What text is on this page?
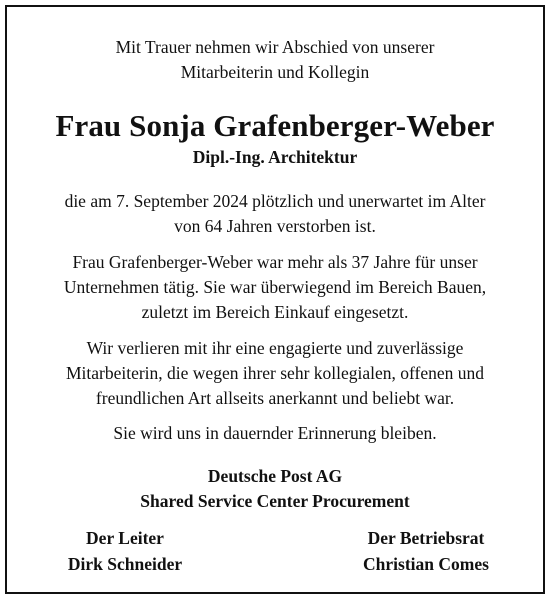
Mit Trauer nehmen wir Abschied von unserer
Mitarbeiterin und Kollegin
Frau Sonja Grafenberger-Weber
Dipl.-Ing. Architektur
die am 7. September 2024 plötzlich und unerwartet im Alter
von 64 Jahren verstorben ist.
Frau Grafenberger-Weber war mehr als 37 Jahre für unser
Unternehmen tätig. Sie war überwiegend im Bereich Bauen,
zuletzt im Bereich Einkauf eingesetzt.
Wir verlieren mit ihr eine engagierte und zuverlässige
Mitarbeiterin, die wegen ihrer sehr kollegialen, offenen und
freundlichen Art allseits anerkannt und beliebt war.
Sie wird uns in dauernder Erinnerung bleiben.
Deutsche Post AG
Shared Service Center Procurement
Der Leiter
Dirk Schneider
Der Betriebsrat
Christian Comes
